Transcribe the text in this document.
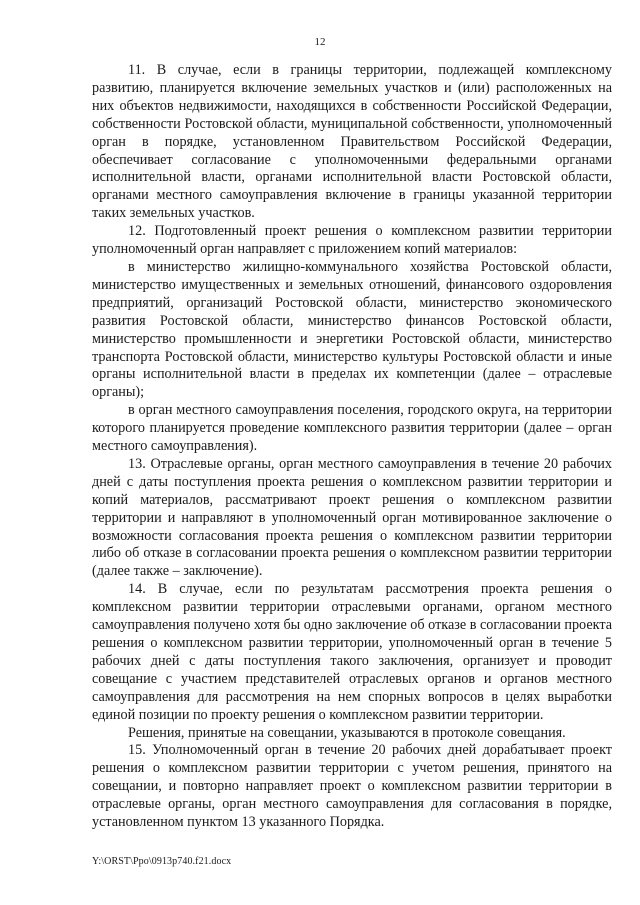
12

11. В случае, если в границы территории, подлежащей комплексному развитию, планируется включение земельных участков и (или) расположенных на них объектов недвижимости, находящихся в собственности Российской Федерации, собственности Ростовской области, муниципальной собственности, уполномоченный орган в порядке, установленном Правительством Российской Федерации, обеспечивает согласование с уполномоченными федеральными органами исполнительной власти, органами исполнительной власти Ростовской области, органами местного самоуправления включение в границы указанной территории таких земельных участков.

12. Подготовленный проект решения о комплексном развитии территории уполномоченный орган направляет с приложением копий материалов:

в министерство жилищно-коммунального хозяйства Ростовской области, министерство имущественных и земельных отношений, финансового оздоровления предприятий, организаций Ростовской области, министерство экономического развития Ростовской области, министерство финансов Ростовской области, министерство промышленности и энергетики Ростовской области, министерство транспорта Ростовской области, министерство культуры Ростовской области и иные органы исполнительной власти в пределах их компетенции (далее – отраслевые органы);

в орган местного самоуправления поселения, городского округа, на территории которого планируется проведение комплексного развития территории (далее – орган местного самоуправления).

13. Отраслевые органы, орган местного самоуправления в течение 20 рабочих дней с даты поступления проекта решения о комплексном развитии территории и копий материалов, рассматривают проект решения о комплексном развитии территории и направляют в уполномоченный орган мотивированное заключение о возможности согласования проекта решения о комплексном развитии территории либо об отказе в согласовании проекта решения о комплексном развитии территории (далее также – заключение).

14. В случае, если по результатам рассмотрения проекта решения о комплексном развитии территории отраслевыми органами, органом местного самоуправления получено хотя бы одно заключение об отказе в согласовании проекта решения о комплексном развитии территории, уполномоченный орган в течение 5 рабочих дней с даты поступления такого заключения, организует и проводит совещание с участием представителей отраслевых органов и органов местного самоуправления для рассмотрения на нем спорных вопросов в целях выработки единой позиции по проекту решения о комплексном развитии территории.

Решения, принятые на совещании, указываются в протоколе совещания.

15. Уполномоченный орган в течение 20 рабочих дней дорабатывает проект решения о комплексном развитии территории с учетом решения, принятого на совещании, и повторно направляет проект о комплексном развитии территории в отраслевые органы, орган местного самоуправления для согласования в порядке, установленном пунктом 13 указанного Порядка.

Y:\ORST\Ppo\0913p740.f21.docx
